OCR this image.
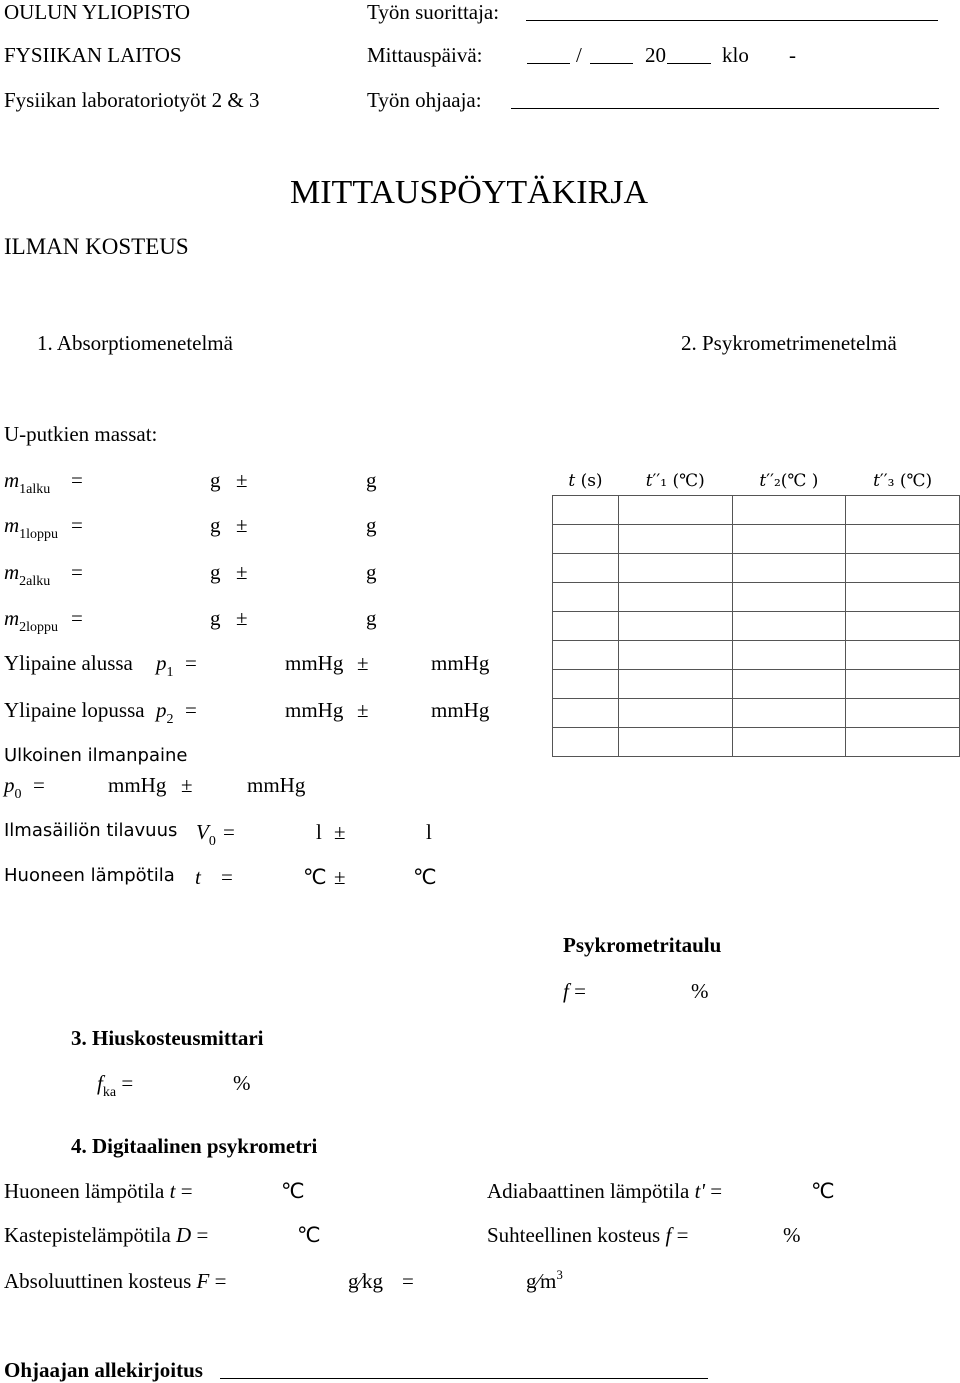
OULUN YLIOPISTO
FYSIIKAN LAITOS
Fysiikan laboratoriotyöt 2 & 3
Työn suorittaja:
Mittauspäivä:	/	20	klo -
Työn ohjaaja:
MITTAUSPÖYTÄKIRJA
ILMAN KOSTEUS
1. Absorptiomenetelmä	2. Psykrometrimenetelmä
U-putkien massat:
$m_{1alku}$ =	g ±	g
$m_{1loppu}$ =	g ±	g
$m_{2alku}$ =	g ±	g
$m_{2loppu}$ =	g ±	g
Ylipaine alussa $p_1$ =	mmHg ±	mmHg
Ylipaine lopussa $p_2$ =	mmHg ±	mmHg
Ulkoinen ilmanpaine
$p_0$ =	mmHg ±	mmHg
Ilmasäiliön tilavuus $V_0$ =	l ±	l
Huoneen lämpötila t =	℃ ±	℃
𝑡 (s)	𝑡′′₁ (℃)	𝑡′′₂(℃ )	𝑡′′₃ (℃)

Psykrometritaulu
f =	%
3. Hiuskosteusmittari
$f_{ka}$ =	%
4. Digitaalinen psykrometri
Huoneen lämpötila t =	℃	Adiabaattinen lämpötila t' =	℃
Kastepistelämpötila D =	℃	Suhteellinen kosteus f =	%
Absoluuttinen kosteus F =	g⁄kg =	$g⁄m^3$
Ohjaajan allekirjoitus
